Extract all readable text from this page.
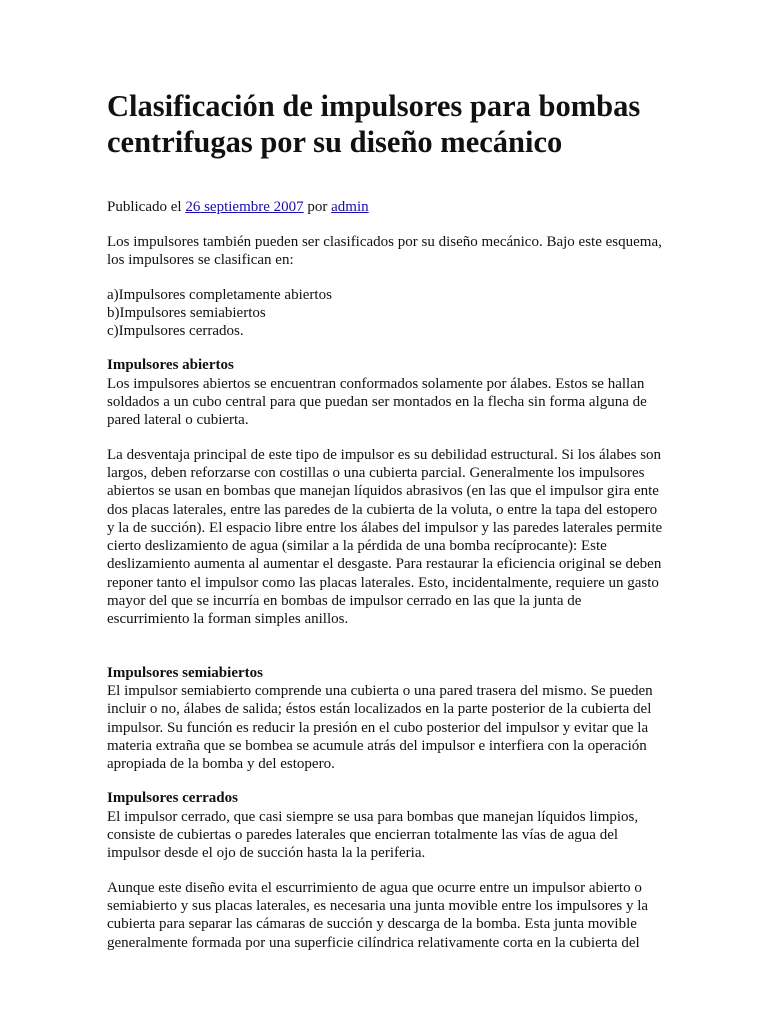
Clasificación de impulsores para bombas centrifugas por su diseño mecánico
Publicado el 26 septiembre 2007 por admin

Los impulsores también pueden ser clasificados por su diseño mecánico. Bajo este esquema, los impulsores se clasifican en:

a)Impulsores completamente abiertos
b)Impulsores semiabiertos
c)Impulsores cerrados.

Impulsores abiertos
Los impulsores abiertos se encuentran conformados solamente por álabes. Estos se hallan soldados a un cubo central para que puedan ser montados en la flecha sin forma alguna de pared lateral o cubierta.

La desventaja principal de este tipo de impulsor es su debilidad estructural. Si los álabes son largos, deben reforzarse con costillas o una cubierta parcial. Generalmente los impulsores abiertos se usan en bombas que manejan líquidos abrasivos (en las que el impulsor gira ente dos placas laterales, entre las paredes de la cubierta de la voluta, o entre la tapa del estopero y la de succión). El espacio libre entre los álabes del impulsor y las paredes laterales permite cierto deslizamiento de agua (similar a la pérdida de una bomba recíprocante): Este deslizamiento aumenta al aumentar el desgaste. Para restaurar la eficiencia original se deben reponer tanto el impulsor como las placas laterales. Esto, incidentalmente, requiere un gasto mayor del que se incurría en bombas de impulsor cerrado en las que la junta de escurrimiento la forman simples anillos.

Impulsores semiabiertos
El impulsor semiabierto comprende una cubierta o una pared trasera del mismo. Se pueden incluir o no, álabes de salida; éstos están localizados en la parte posterior de la cubierta del impulsor. Su función es reducir la presión en el cubo posterior del impulsor y evitar que la materia extraña que se bombea se acumule atrás del impulsor e interfiera con la operación apropiada de la bomba y del estopero.

Impulsores cerrados
El impulsor cerrado, que casi siempre se usa para bombas que manejan líquidos limpios, consiste de cubiertas o paredes laterales que encierran totalmente las vías de agua del impulsor desde el ojo de succión hasta la la periferia.

Aunque este diseño evita el escurrimiento de agua que ocurre entre un impulsor abierto o semiabierto y sus placas laterales, es necesaria una junta movible entre los impulsores y la cubierta para separar las cámaras de succión y descarga de la bomba. Esta junta movible generalmente formada por una superficie cilíndrica relativamente corta en la cubierta del
